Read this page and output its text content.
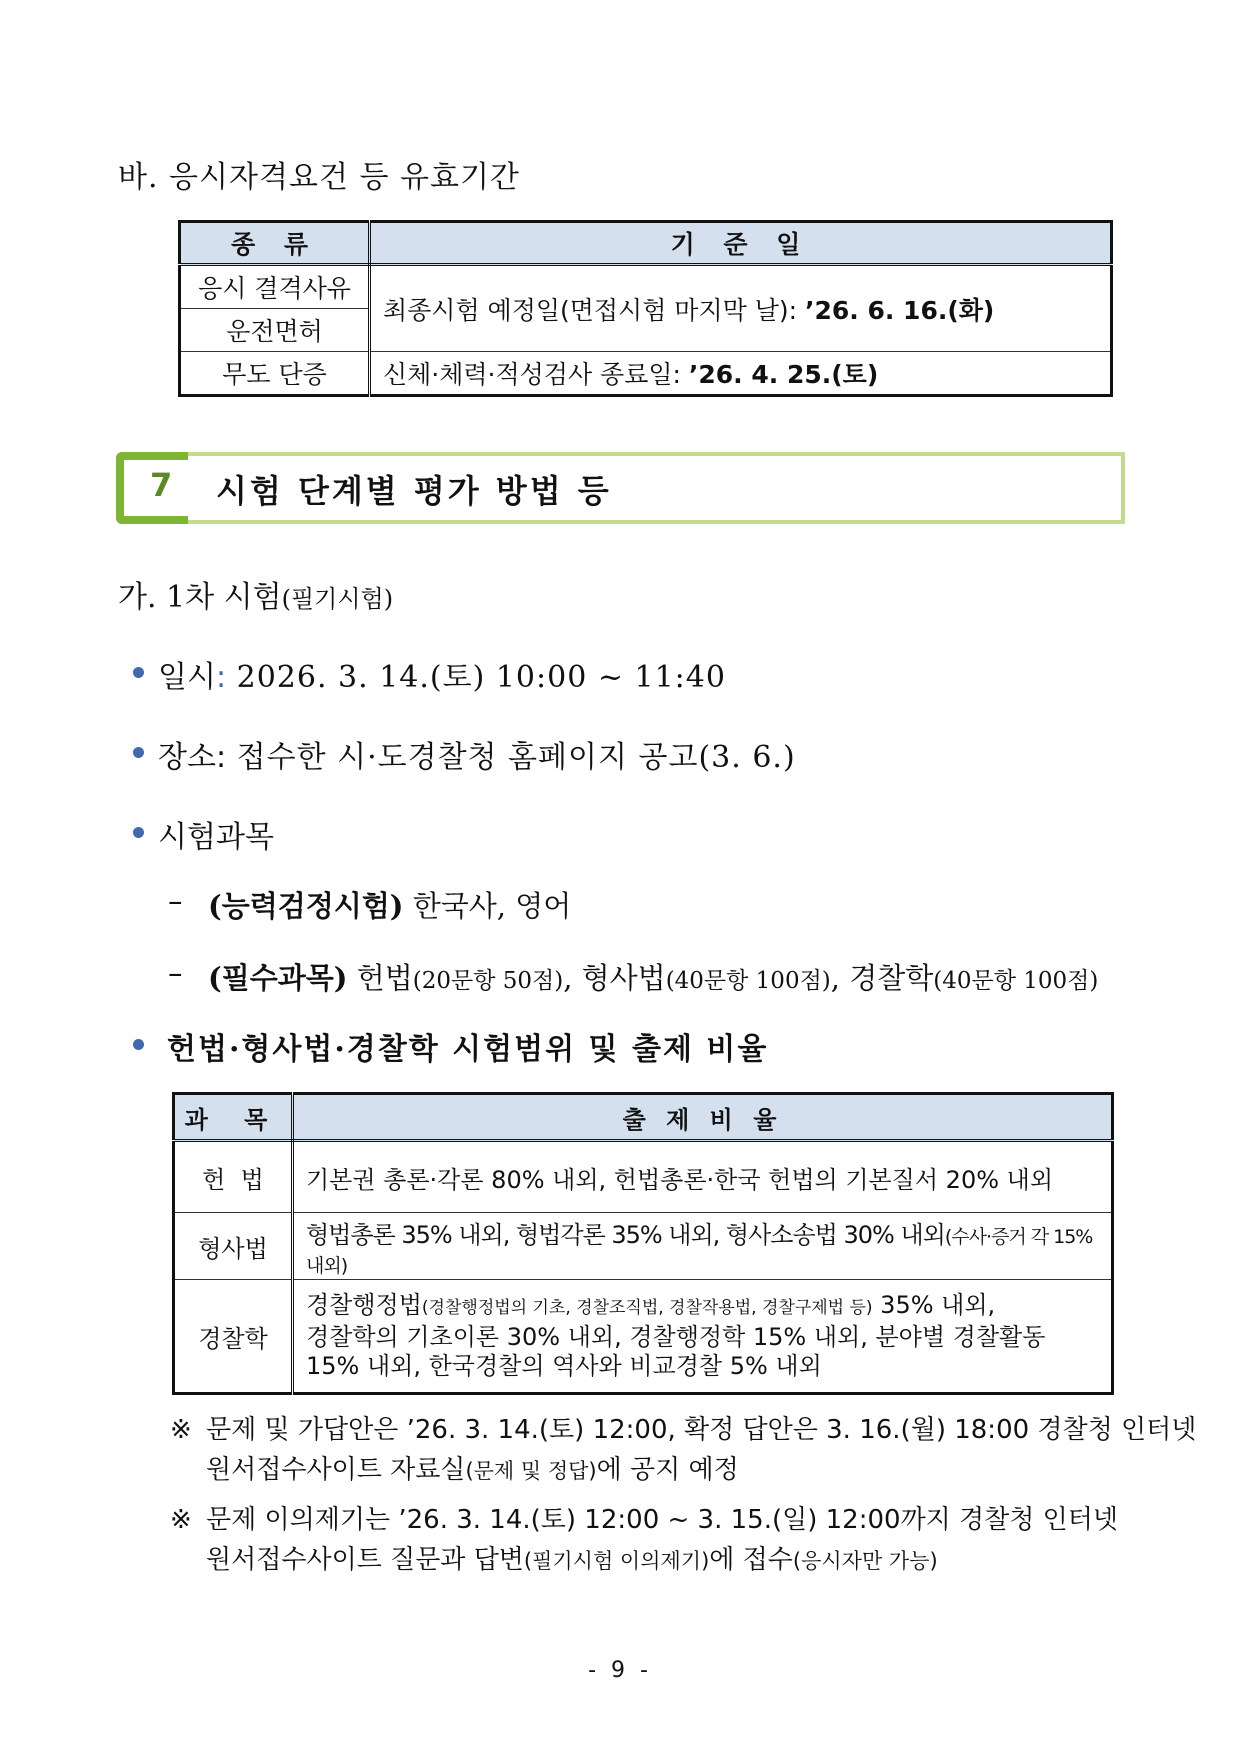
바. 응시자격요건 등 유효기간
종 류	기 준 일
응시 결격사유	최종시험 예정일(면접시험 마지막 날): ’26. 6. 16.(화)
운전면허	
무도 단증	신체·체력·적성검사 종료일: ’26. 4. 25.(토)
7 시험 단계별 평가 방법 등
가. 1차 시험(필기시험)
일시: 2026. 3. 14.(토) 10:00 ~ 11:40
장소: 접수한 시·도경찰청 홈페이지 공고(3. 6.)
시험과목
– (능력검정시험) 한국사, 영어
– (필수과목) 헌법(20문항 50점), 형사법(40문항 100점), 경찰학(40문항 100점)
헌법·형사법·경찰학 시험범위 및 출제 비율
과 목	출 제 비 율
헌  법	기본권 총론·각론 80% 내외, 헌법총론·한국 헌법의 기본질서 20% 내외
형사법	형법총론 35% 내외, 형법각론 35% 내외, 형사소송법 30% 내외(수사·증거 각 15% 내외)
경찰학	경찰행정법(경찰행정법의 기초, 경찰조직법, 경찰작용법, 경찰구제법 등) 35% 내외,
경찰학의 기초이론 30% 내외, 경찰행정학 15% 내외, 분야별 경찰활동
15% 내외, 한국경찰의 역사와 비교경찰 5% 내외
※ 문제 및 가답안은 ’26. 3. 14.(토) 12:00, 확정 답안은 3. 16.(월) 18:00 경찰청 인터넷
원서접수사이트 자료실(문제 및 정답)에 공지 예정
※ 문제 이의제기는 ’26. 3. 14.(토) 12:00 ~ 3. 15.(일) 12:00까지 경찰청 인터넷
원서접수사이트 질문과 답변(필기시험 이의제기)에 접수(응시자만 가능)
- 9 -
